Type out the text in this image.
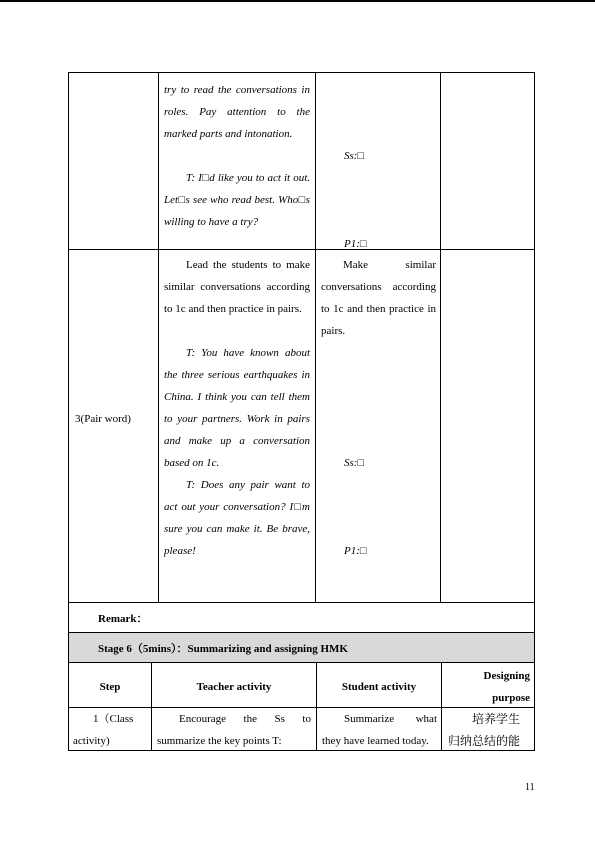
try to read the conversations in roles. Pay attention to the marked parts and intonation.
T: I□d like you to act it out. Let□s see who read best. Who□s willing to have a try?
Ss:□
P1:□
3(Pair word)
Lead the students to make similar conversations according to 1c and then practice in pairs.
T: You have known about the three serious earthquakes in China. I think you can tell them to your partners. Work in pairs and make up a conversation based on 1c.
T: Does any pair want to act out your conversation? I□m sure you can make it. Be brave, please!
Make similar conversations according to 1c and then practice in pairs.
Ss:□
P1:□
Remark：
Stage 6（5mins）：Summarizing and assigning HMK
Step	Teacher activity	Student activity
Designing purpose
1（Class activity)
Encourage the Ss to summarize the key points T:
Summarize what they have learned today.
培养学生归纳总结的能
11
